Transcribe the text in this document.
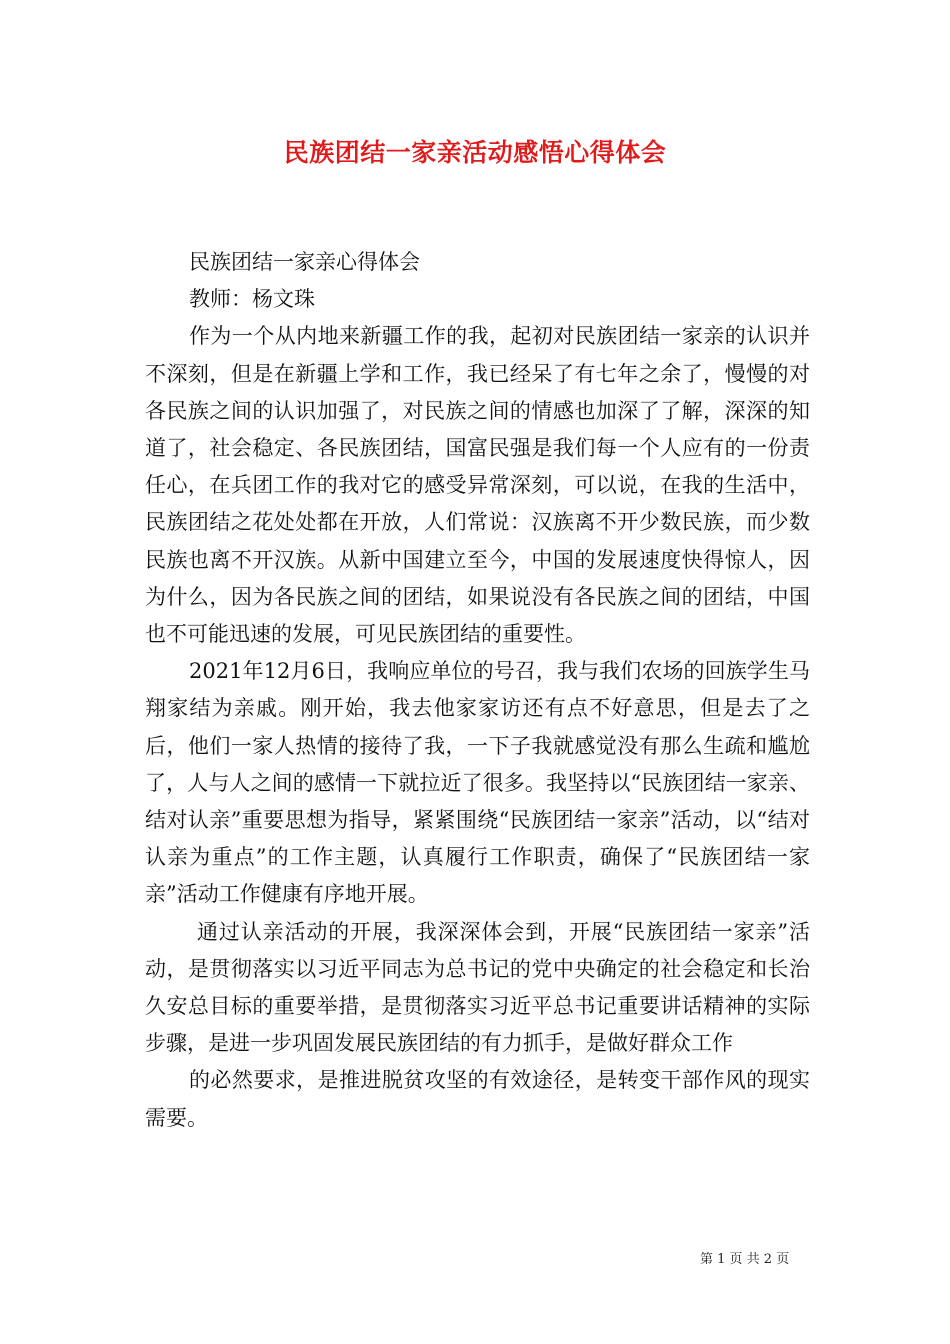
民族团结一家亲活动感悟心得体会

民族团结一家亲心得体会

教师：杨文珠

作为一个从内地来新疆工作的我，起初对民族团结一家亲的认识并不深刻，但是在新疆上学和工作，我已经呆了有七年之余了，慢慢的对各民族之间的认识加强了，对民族之间的情感也加深了了解，深深的知道了，社会稳定、各民族团结，国富民强是我们每一个人应有的一份责任心，在兵团工作的我对它的感受异常深刻，可以说，在我的生活中，民族团结之花处处都在开放，人们常说：汉族离不开少数民族，而少数民族也离不开汉族。从新中国建立至今，中国的发展速度快得惊人，因为什么，因为各民族之间的团结，如果说没有各民族之间的团结，中国也不可能迅速的发展，可见民族团结的重要性。

2021年12月6日，我响应单位的号召，我与我们农场的回族学生马翔家结为亲戚。刚开始，我去他家家访还有点不好意思，但是去了之后，他们一家人热情的接待了我，一下子我就感觉没有那么生疏和尴尬了，人与人之间的感情一下就拉近了很多。我坚持以“民族团结一家亲、结对认亲”重要思想为指导，紧紧围绕“民族团结一家亲”活动，以“结对认亲为重点”的工作主题，认真履行工作职责，确保了“民族团结一家亲”活动工作健康有序地开展。

通过认亲活动的开展，我深深体会到，开展“民族团结一家亲”活动，是贯彻落实以习近平同志为总书记的党中央确定的社会稳定和长治久安总目标的重要举措，是贯彻落实习近平总书记重要讲话精神的实际步骤，是进一步巩固发展民族团结的有力抓手，是做好群众工作

的必然要求，是推进脱贫攻坚的有效途径，是转变干部作风的现实需要。

第 1 页 共 2 页
